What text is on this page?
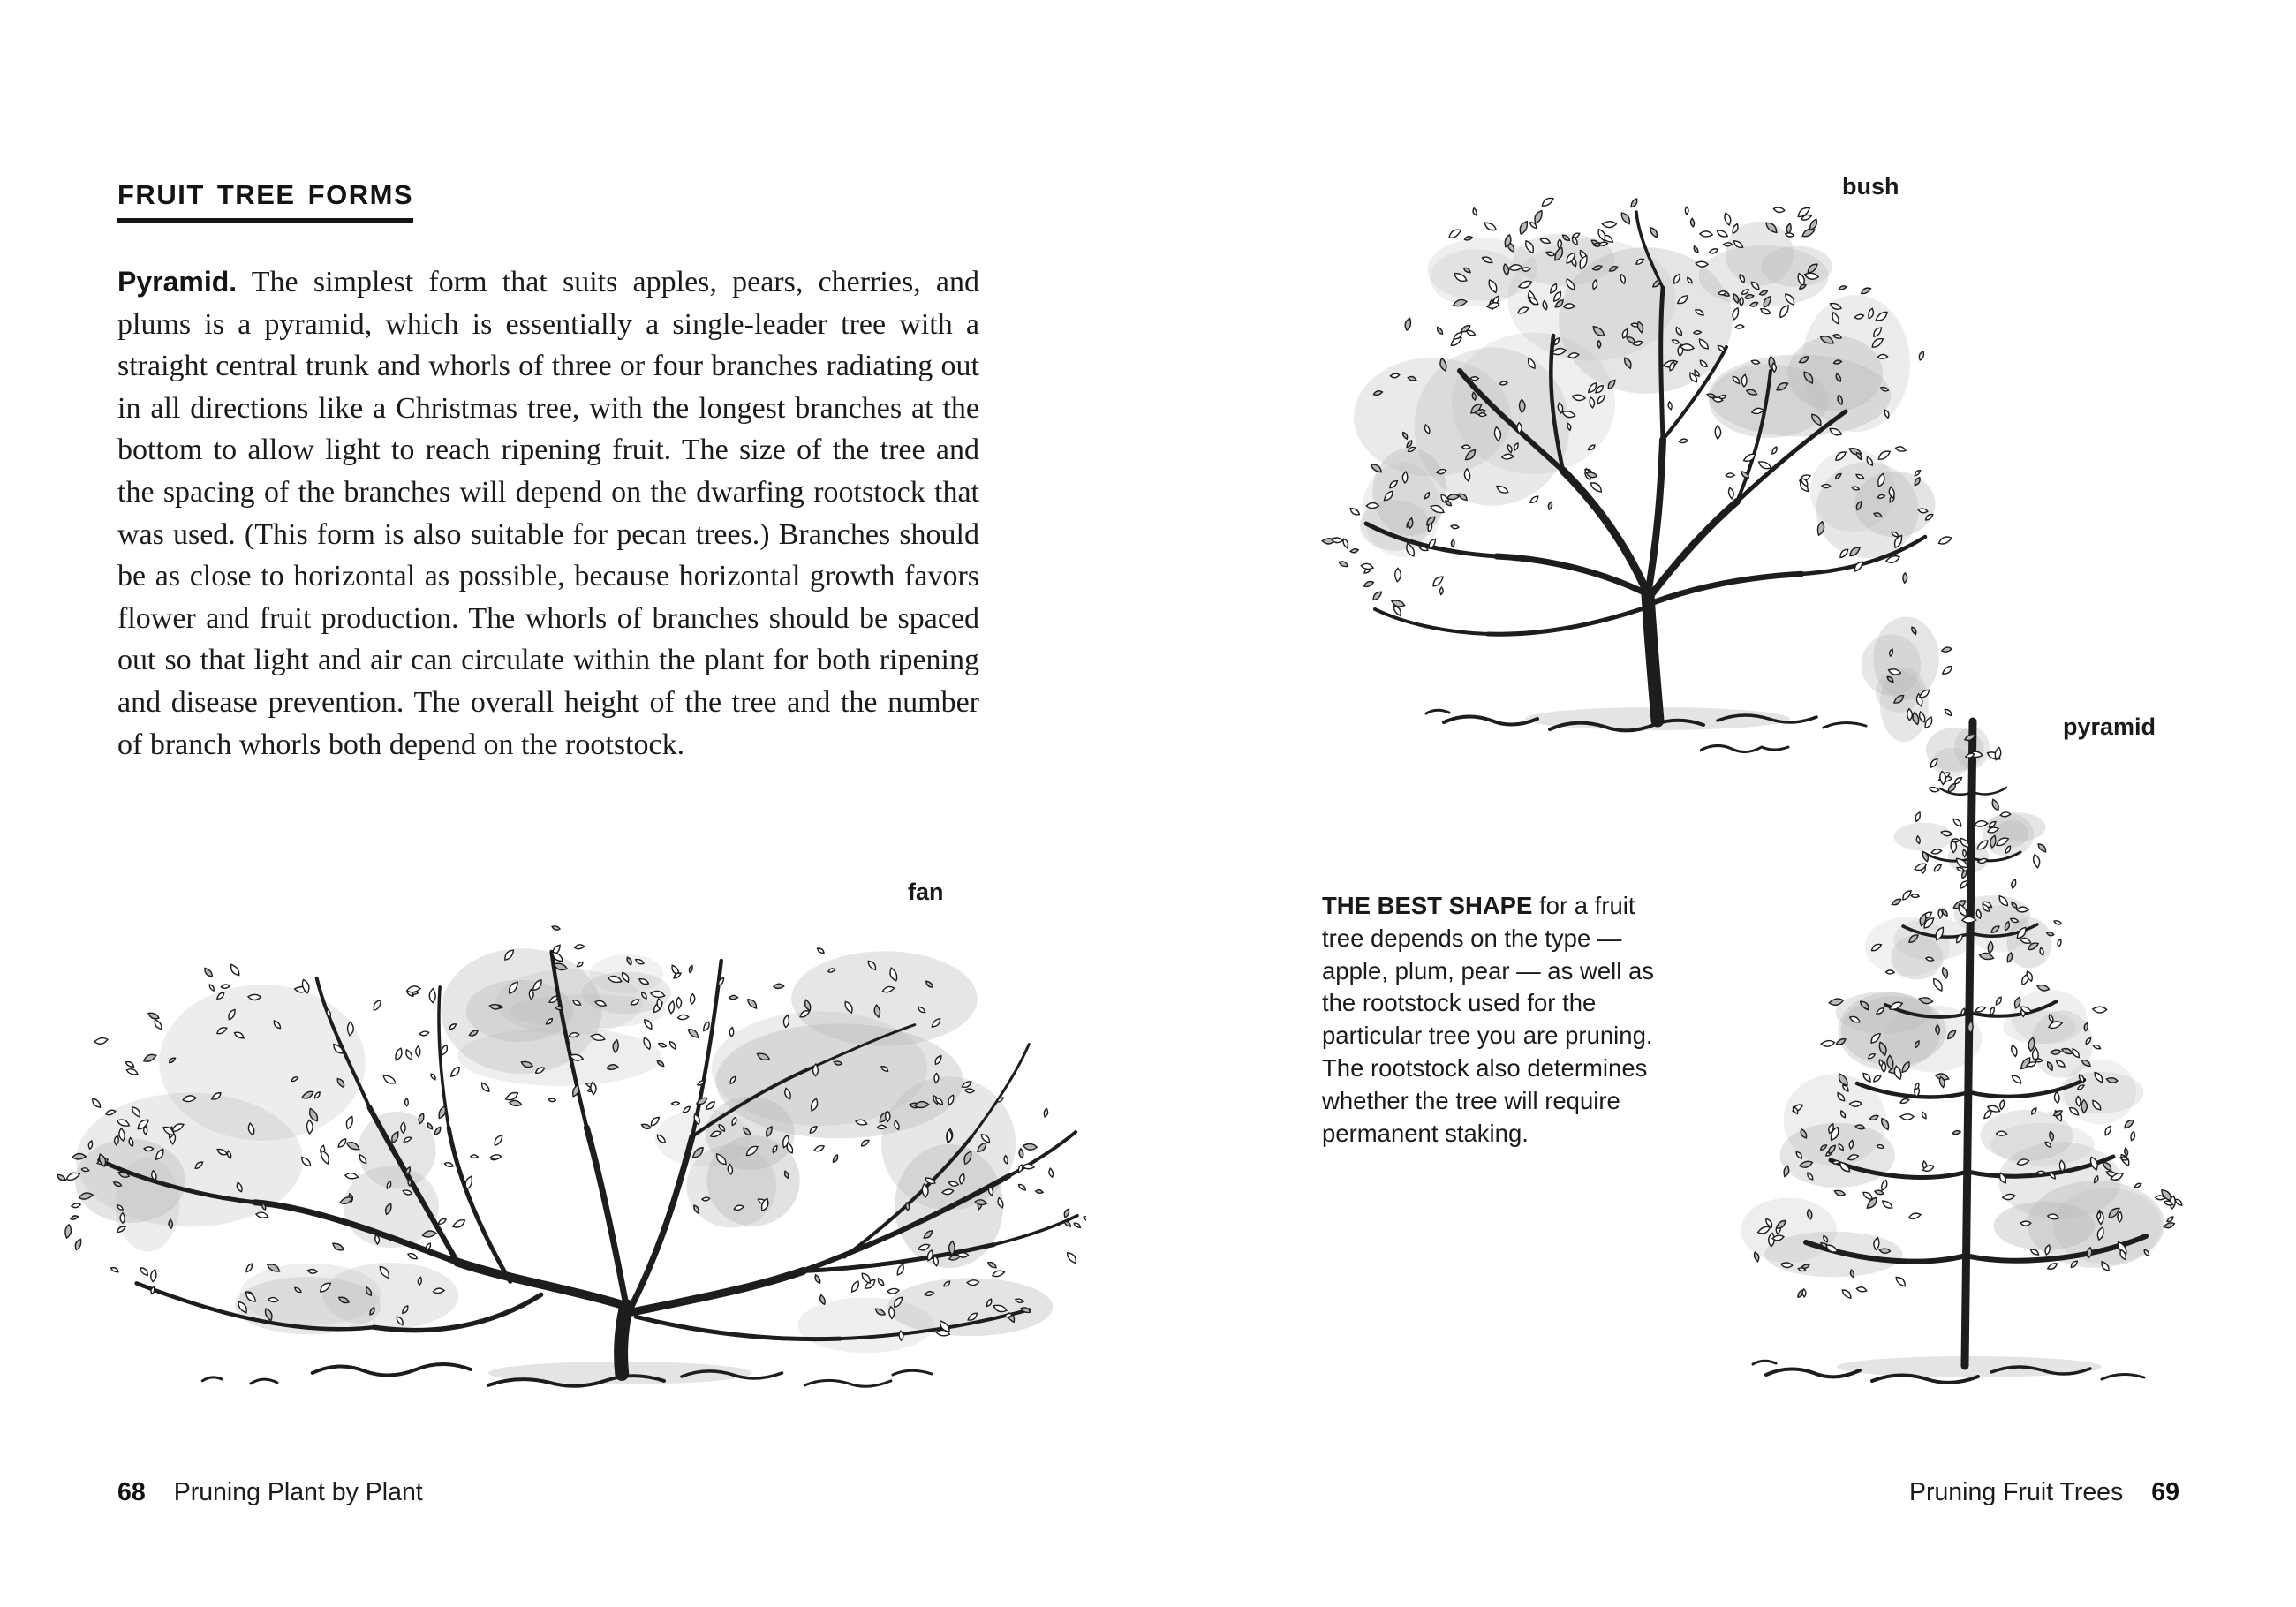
FRUIT TREE FORMS

Pyramid. The simplest form that suits apples, pears, cherries, and plums is a pyramid, which is essentially a single-leader tree with a straight central trunk and whorls of three or four branches radiating out in all directions like a Christmas tree, with the longest branches at the bottom to allow light to reach ripening fruit. The size of the tree and the spacing of the branches will depend on the dwarfing rootstock that was used. (This form is also suitable for pecan trees.) Branches should be as close to horizontal as possible, because horizontal growth favors flower and fruit production. The whorls of branches should be spaced out so that light and air can circulate within the plant for both ripening and disease prevention. The overall height of the tree and the number of branch whorls both depend on the rootstock.

fan
68 Pruning Plant by Plant
bush
pyramid
THE BEST SHAPE for a fruit tree depends on the type — apple, plum, pear — as well as the rootstock used for the particular tree you are pruning. The rootstock also determines whether the tree will require permanent staking.
Pruning Fruit Trees 69
